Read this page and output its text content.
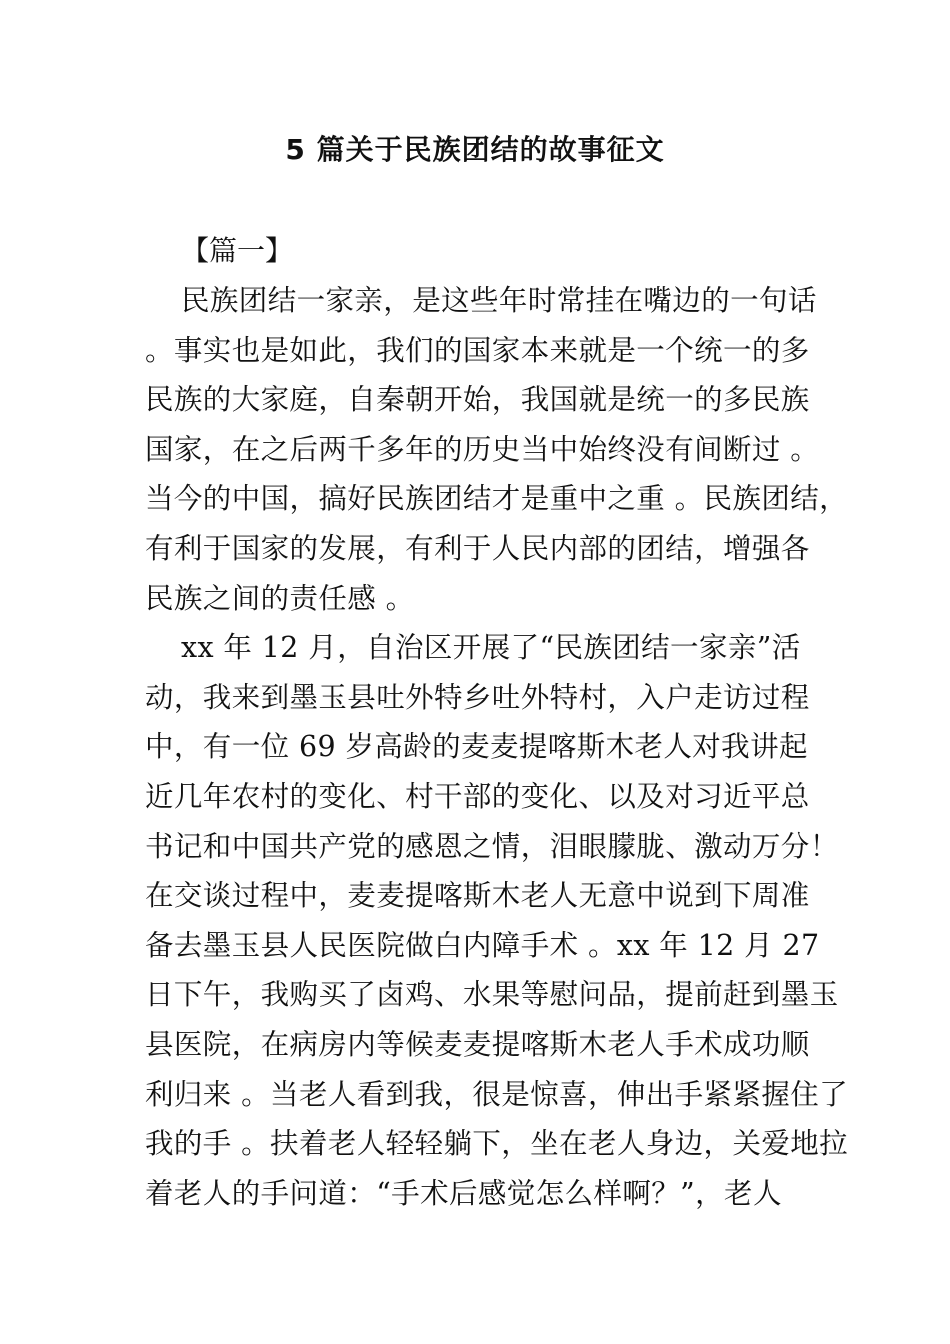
5 篇关于民族团结的故事征文
【篇一】
民族团结一家亲，是这些年时常挂在嘴边的一句话
。事实也是如此，我们的国家本来就是一个统一的多
民族的大家庭，自秦朝开始，我国就是统一的多民族
国家，在之后两千多年的历史当中始终没有间断过 。
当今的中国，搞好民族团结才是重中之重 。民族团结，
有利于国家的发展，有利于人民内部的团结，增强各
民族之间的责任感 。
xx 年 12 月，自治区开展了“民族团结一家亲”活
动，我来到墨玉县吐外特乡吐外特村，入户走访过程
中，有一位 69 岁高龄的麦麦提喀斯木老人对我讲起
近几年农村的变化、村干部的变化、以及对习近平总
书记和中国共产党的感恩之情，泪眼朦胧、激动万分！
在交谈过程中，麦麦提喀斯木老人无意中说到下周准
备去墨玉县人民医院做白内障手术 。xx 年 12 月 27
日下午，我购买了卤鸡、水果等慰问品，提前赶到墨玉
县医院，在病房内等候麦麦提喀斯木老人手术成功顺
利归来 。当老人看到我，很是惊喜，伸出手紧紧握住了
我的手 。扶着老人轻轻躺下，坐在老人身边，关爱地拉
着老人的手问道：“手术后感觉怎么样啊？”，老人
